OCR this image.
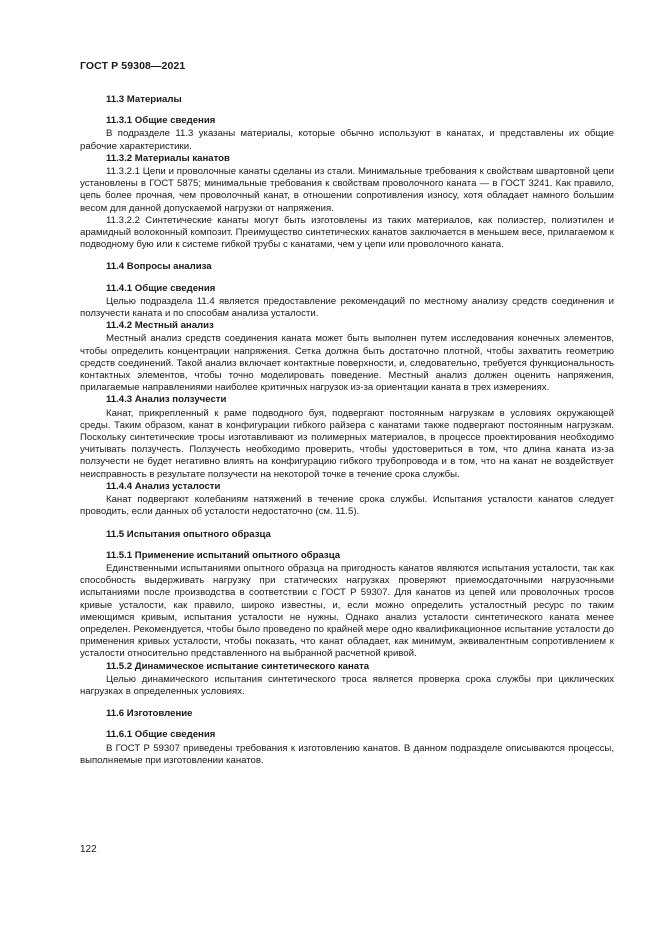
ГОСТ Р 59308—2021
11.3 Материалы
11.3.1 Общие сведения

В подразделе 11.3 указаны материалы, которые обычно используют в канатах, и представлены их общие рабочие характеристики.

11.3.2 Материалы канатов

11.3.2.1 Цепи и проволочные канаты сделаны из стали. Минимальные требования к свойствам швартовной цепи установлены в ГОСТ 5875; минимальные требования к свойствам проволочного каната — в ГОСТ 3241. Как правило, цепь более прочная, чем проволочный канат, в отношении сопротивления износу, хотя обладает намного большим весом для данной допускаемой нагрузки от напряжения.

11.3.2.2 Синтетические канаты могут быть изготовлены из таких материалов, как полиэстер, полиэтилен и арамидный волоконный композит. Преимущество синтетических канатов заключается в меньшем весе, прилагаемом к подводному бую или к системе гибкой трубы с канатами, чем у цепи или проволочного каната.

11.4 Вопросы анализа
11.4.1 Общие сведения

Целью подраздела 11.4 является предоставление рекомендаций по местному анализу средств соединения и ползучести каната и по способам анализа усталости.

11.4.2 Местный анализ

Местный анализ средств соединения каната может быть выполнен путем исследования конечных элементов, чтобы определить концентрации напряжения. Сетка должна быть достаточно плотной, чтобы захватить геометрию средств соединений. Такой анализ включает контактные поверхности, и, следовательно, требуется функциональность контактных элементов, чтобы точно моделировать поведение. Местный анализ должен оценить напряжения, прилагаемые направлениями наиболее критичных нагрузок из-за ориентации каната в трех измерениях.

11.4.3 Анализ ползучести

Канат, прикрепленный к раме подводного буя, подвергают постоянным нагрузкам в условиях окружающей среды. Таким образом, канат в конфигурации гибкого райзера с канатами также подвергают постоянным нагрузкам. Поскольку синтетические тросы изготавливают из полимерных материалов, в процессе проектирования необходимо учитывать ползучесть. Ползучесть необходимо проверить, чтобы удостовериться в том, что длина каната из-за ползучести не будет негативно влиять на конфигурацию гибкого трубопровода и в том, что на канат не воздействует неисправность в результате ползучести на некоторой точке в течение срока службы.

11.4.4 Анализ усталости

Канат подвергают колебаниям натяжений в течение срока службы. Испытания усталости канатов следует проводить, если данных об усталости недостаточно (см. 11.5).

11.5 Испытания опытного образца
11.5.1 Применение испытаний опытного образца

Единственными испытаниями опытного образца на пригодность канатов являются испытания усталости, так как способность выдерживать нагрузку при статических нагрузках проверяют приемосдаточными нагрузочными испытаниями после производства в соответствии с ГОСТ Р 59307. Для канатов из цепей или проволочных тросов кривые усталости, как правило, широко известны, и, если можно определить усталостный ресурс по таким имеющимся кривым, испытания усталости не нужны. Однако анализ усталости синтетического каната менее определен. Рекомендуется, чтобы было проведено по крайней мере одно квалификационное испытание усталости до применения кривых усталости, чтобы показать, что канат обладает, как минимум, эквивалентным сопротивлением к усталости относительно представленного на выбранной расчетной кривой.

11.5.2 Динамическое испытание синтетического каната

Целью динамического испытания синтетического троса является проверка срока службы при циклических нагрузках в определенных условиях.

11.6 Изготовление
11.6.1 Общие сведения

В ГОСТ Р 59307 приведены требования к изготовлению канатов. В данном подразделе описываются процессы, выполняемые при изготовлении канатов.

122
